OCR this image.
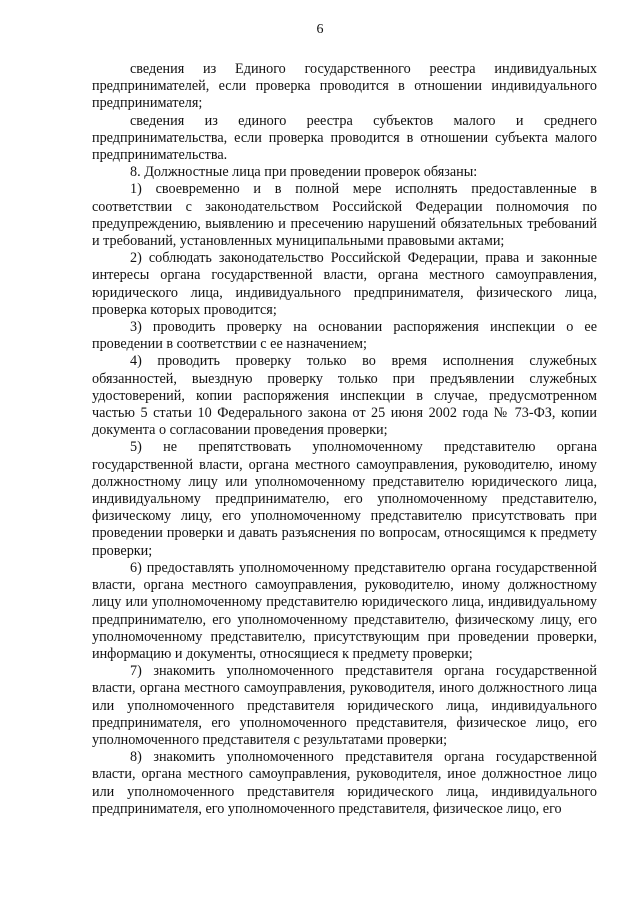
6

сведения из Единого государственного реестра индивидуальных предпринимателей, если проверка проводится в отношении индивидуального предпринимателя;

сведения из единого реестра субъектов малого и среднего предпринимательства, если проверка проводится в отношении субъекта малого предпринимательства.

8. Должностные лица при проведении проверок обязаны:

1) своевременно и в полной мере исполнять предоставленные в соответствии с законодательством Российской Федерации полномочия по предупреждению, выявлению и пресечению нарушений обязательных требований и требований, установленных муниципальными правовыми актами;

2) соблюдать законодательство Российской Федерации, права и законные интересы органа государственной власти, органа местного самоуправления, юридического лица, индивидуального предпринимателя, физического лица, проверка которых проводится;

3) проводить проверку на основании распоряжения инспекции о ее проведении в соответствии с ее назначением;

4) проводить проверку только во время исполнения служебных обязанностей, выездную проверку только при предъявлении служебных удостоверений, копии распоряжения инспекции в случае, предусмотренном частью 5 статьи 10 Федерального закона от 25 июня 2002 года № 73-ФЗ, копии документа о согласовании проведения проверки;

5) не препятствовать уполномоченному представителю органа государственной власти, органа местного самоуправления, руководителю, иному должностному лицу или уполномоченному представителю юридического лица, индивидуальному предпринимателю, его уполномоченному представителю, физическому лицу, его уполномоченному представителю присутствовать при проведении проверки и давать разъяснения по вопросам, относящимся к предмету проверки;

6) предоставлять уполномоченному представителю органа государственной власти, органа местного самоуправления, руководителю, иному должностному лицу или уполномоченному представителю юридического лица, индивидуальному предпринимателю, его уполномоченному представителю, физическому лицу, его уполномоченному представителю, присутствующим при проведении проверки, информацию и документы, относящиеся к предмету проверки;

7) знакомить уполномоченного представителя органа государственной власти, органа местного самоуправления, руководителя, иного должностного лица или уполномоченного представителя юридического лица, индивидуального предпринимателя, его уполномоченного представителя, физическое лицо, его уполномоченного представителя с результатами проверки;

8) знакомить уполномоченного представителя органа государственной власти, органа местного самоуправления, руководителя, иное должностное лицо или уполномоченного представителя юридического лица, индивидуального предпринимателя, его уполномоченного представителя, физическое лицо, его
